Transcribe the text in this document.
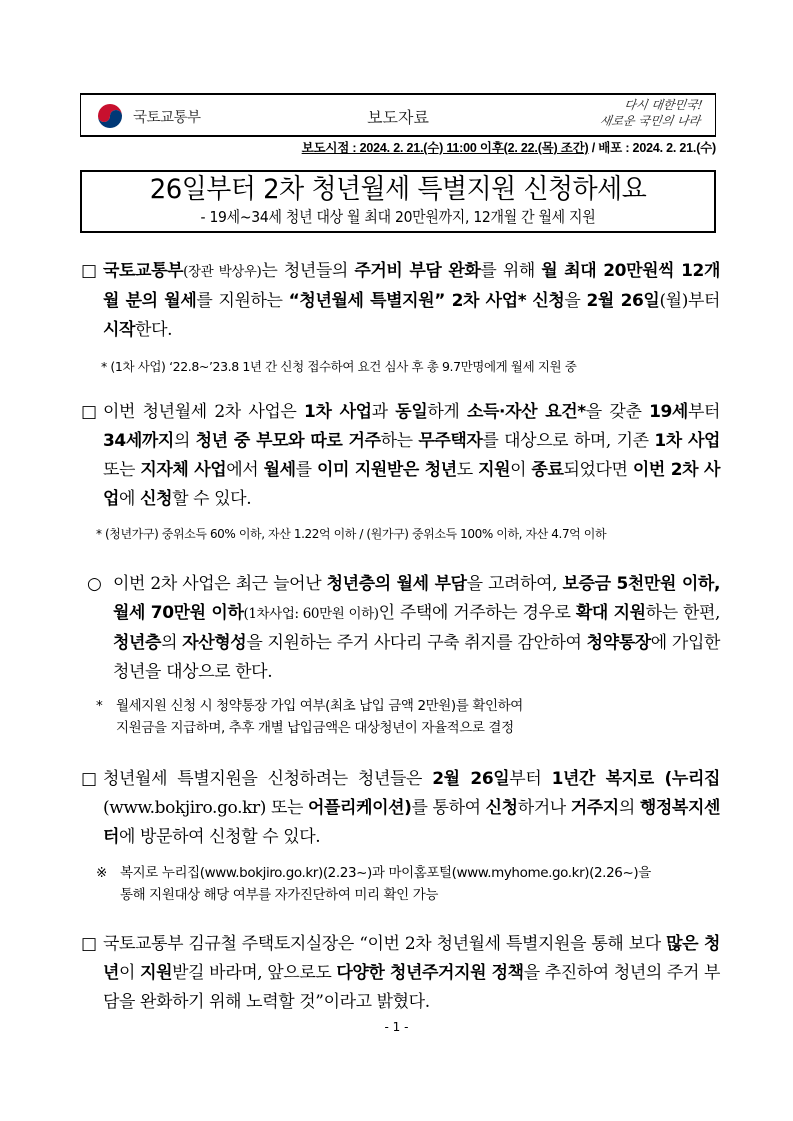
국토교통부	보도자료
다시 대한민국!
새로운 국민의 나라
보도시점 : 2024. 2. 21.(수) 11:00 이후(2. 22.(목) 조간) / 배포 : 2024. 2. 21.(수)
26일부터 2차 청년월세 특별지원 신청하세요
- 19세~34세 청년 대상 월 최대 20만원까지, 12개월 간 월세 지원
□ 국토교통부(장관 박상우)는 청년들의 주거비 부담 완화를 위해 월 최대 20만원씩 12개월 분의 월세를 지원하는 “청년월세 특별지원” 2차 사업* 신청을 2월 26일(월)부터 시작한다.
* (1차 사업) ‘22.8~’23.8 1년 간 신청 접수하여 요건 심사 후 총 9.7만명에게 월세 지원 중
□ 이번 청년월세 2차 사업은 1차 사업과 동일하게 소득·자산 요건*을 갖춘 19세부터 34세까지의 청년 중 부모와 따로 거주하는 무주택자를 대상으로 하며, 기존 1차 사업 또는 지자체 사업에서 월세를 이미 지원받은 청년도 지원이 종료되었다면 이번 2차 사업에 신청할 수 있다.
* (청년가구) 중위소득 60% 이하, 자산 1.22억 이하 / (원가구) 중위소득 100% 이하, 자산 4.7억 이하
○ 이번 2차 사업은 최근 늘어난 청년층의 월세 부담을 고려하여, 보증금 5천만원 이하, 월세 70만원 이하(1차사업: 60만원 이하)인 주택에 거주하는 경우로 확대 지원하는 한편, 청년층의 자산형성을 지원하는 주거 사다리 구축 취지를 감안하여 청약통장에 가입한 청년을 대상으로 한다.
* 월세지원 신청 시 청약통장 가입 여부(최초 납입 금액 2만원)를 확인하여
지원금을 지급하며, 추후 개별 납입금액은 대상청년이 자율적으로 결정
□ 청년월세 특별지원을 신청하려는 청년들은 2월 26일부터 1년간 복지로 (누리집(www.bokjiro.go.kr) 또는 어플리케이션)를 통하여 신청하거나 거주지의 행정복지센터에 방문하여 신청할 수 있다.
※ 복지로 누리집(www.bokjiro.go.kr)(2.23~)과 마이홈포털(www.myhome.go.kr)(2.26~)을
통해 지원대상 해당 여부를 자가진단하여 미리 확인 가능
□ 국토교통부 김규철 주택토지실장은 “이번 2차 청년월세 특별지원을 통해 보다 많은 청년이 지원받길 바라며, 앞으로도 다양한 청년주거지원 정책을 추진하여 청년의 주거 부담을 완화하기 위해 노력할 것”이라고 밝혔다.
- 1 -
